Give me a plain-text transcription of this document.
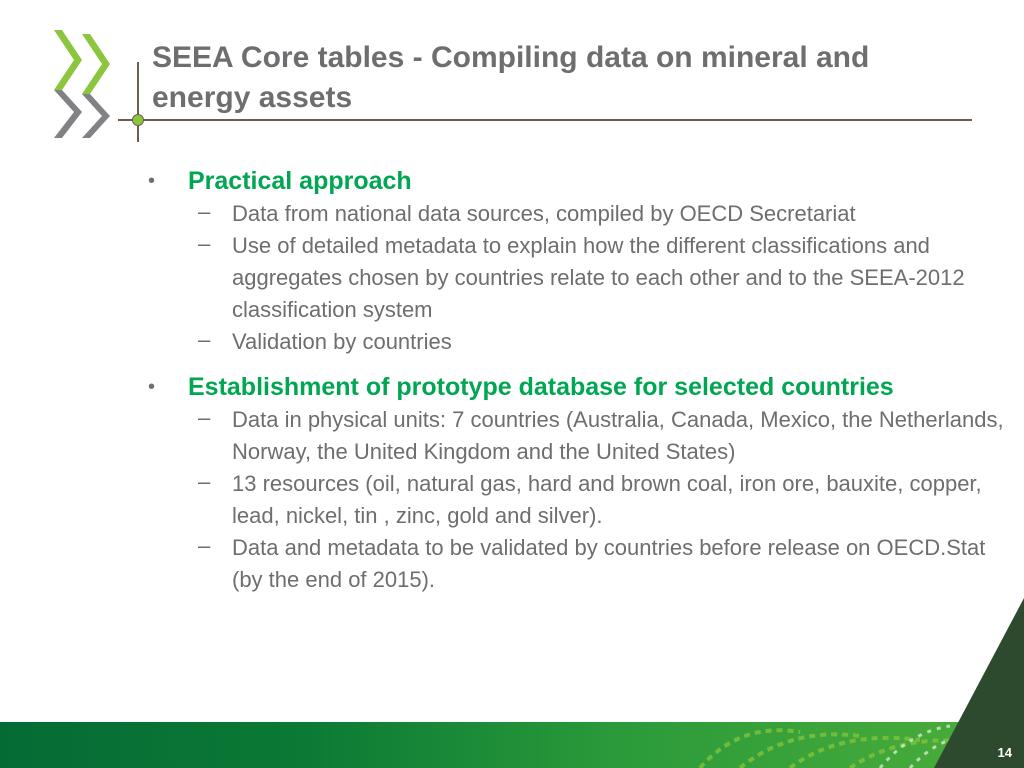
SEEA Core tables - Compiling data on mineral and energy assets
• Practical approach

– Data from national data sources, compiled by OECD Secretariat
– Use of detailed metadata to explain how the different classifications and aggregates chosen by countries relate to each other and to the SEEA-2012 classification system
– Validation by countries
• Establishment of prototype database for selected countries

– Data in physical units: 7 countries (Australia, Canada, Mexico, the Netherlands, Norway, the United Kingdom and the United States)
– 13 resources (oil, natural gas, hard and brown coal, iron ore, bauxite, copper, lead, nickel, tin , zinc, gold and silver).
– Data and metadata to be validated by countries before release on OECD.Stat (by the end of 2015).
14
